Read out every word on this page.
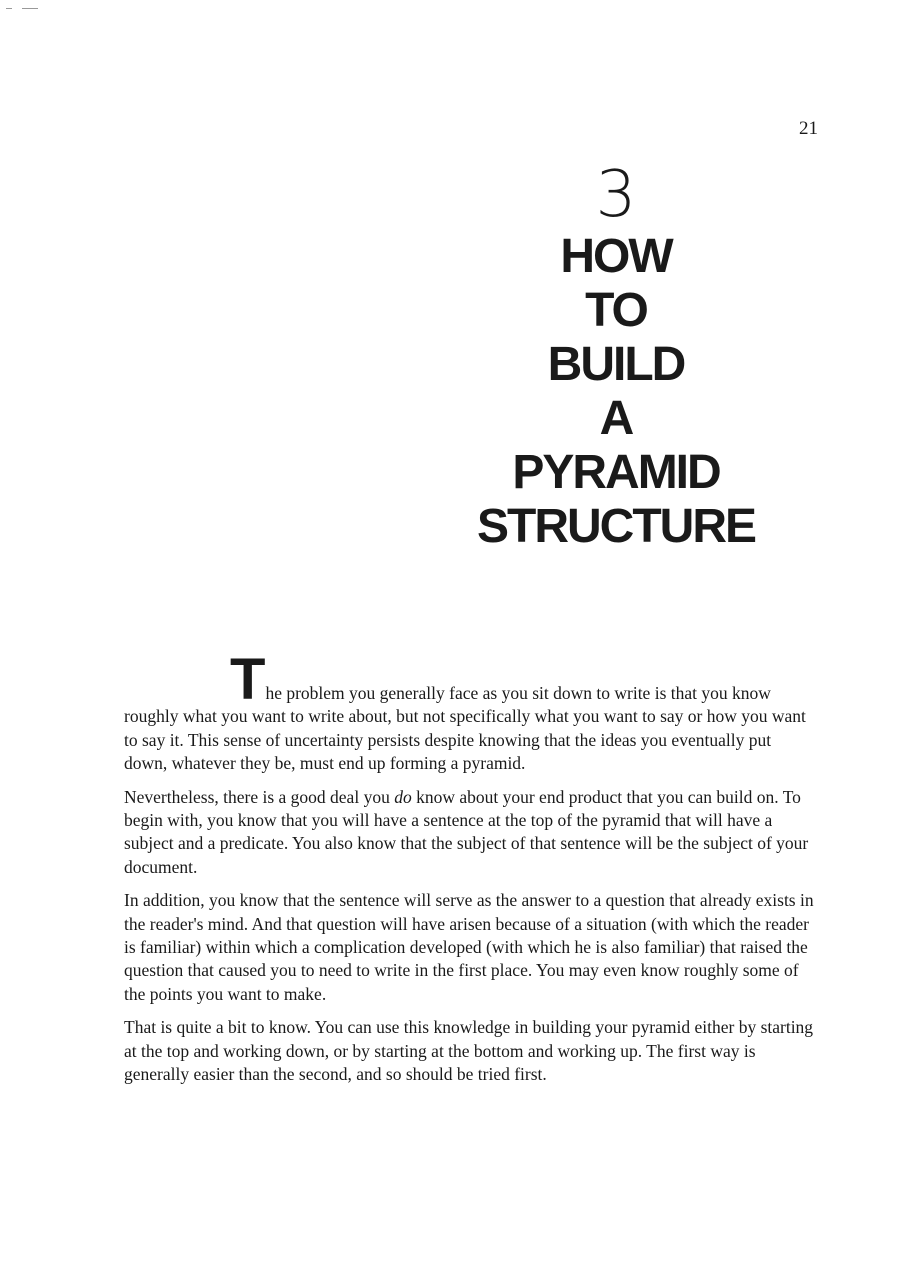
21
3
HOW
TO
BUILD
A
PYRAMID
STRUCTURE

The problem you generally face as you sit down to write is that you know roughly what you want to write about, but not specifically what you want to say or how you want to say it. This sense of uncertainty persists despite knowing that the ideas you eventually put down, whatever they be, must end up forming a pyramid.

Nevertheless, there is a good deal you do know about your end product that you can build on. To begin with, you know that you will have a sentence at the top of the pyramid that will have a subject and a predicate. You also know that the subject of that sentence will be the subject of your document.

In addition, you know that the sentence will serve as the answer to a question that already exists in the reader's mind. And that question will have arisen because of a situation (with which the reader is familiar) within which a complication developed (with which he is also familiar) that raised the question that caused you to need to write in the first place. You may even know roughly some of the points you want to make.

That is quite a bit to know. You can use this knowledge in building your pyramid either by starting at the top and working down, or by starting at the bottom and working up. The first way is generally easier than the second, and so should be tried first.
